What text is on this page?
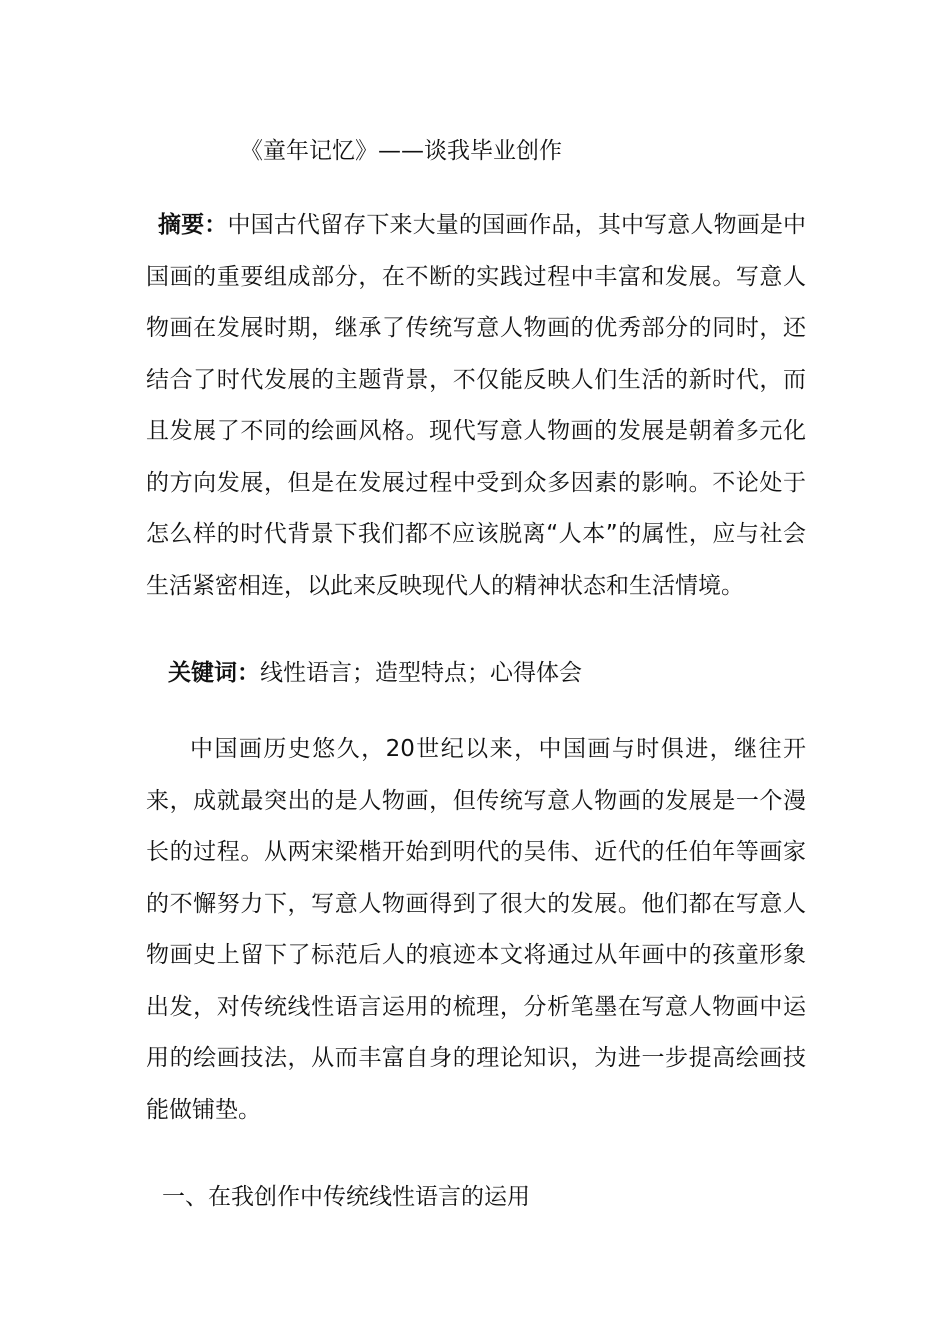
《童年记忆》——谈我毕业创作
摘要：中国古代留存下来大量的国画作品，其中写意人物画是中国画的重要组成部分，在不断的实践过程中丰富和发展。写意人物画在发展时期，继承了传统写意人物画的优秀部分的同时，还结合了时代发展的主题背景，不仅能反映人们生活的新时代，而且发展了不同的绘画风格。现代写意人物画的发展是朝着多元化的方向发展，但是在发展过程中受到众多因素的影响。不论处于怎么样的时代背景下我们都不应该脱离“人本”的属性，应与社会生活紧密相连，以此来反映现代人的精神状态和生活情境。
关键词：线性语言；造型特点；心得体会
中国画历史悠久，20世纪以来，中国画与时俱进，继往开来，成就最突出的是人物画，但传统写意人物画的发展是一个漫长的过程。从两宋梁楷开始到明代的吴伟、近代的任伯年等画家的不懈努力下，写意人物画得到了很大的发展。他们都在写意人物画史上留下了标范后人的痕迹本文将通过从年画中的孩童形象出发，对传统线性语言运用的梳理，分析笔墨在写意人物画中运用的绘画技法，从而丰富自身的理论知识，为进一步提高绘画技能做铺垫。
一、在我创作中传统线性语言的运用
